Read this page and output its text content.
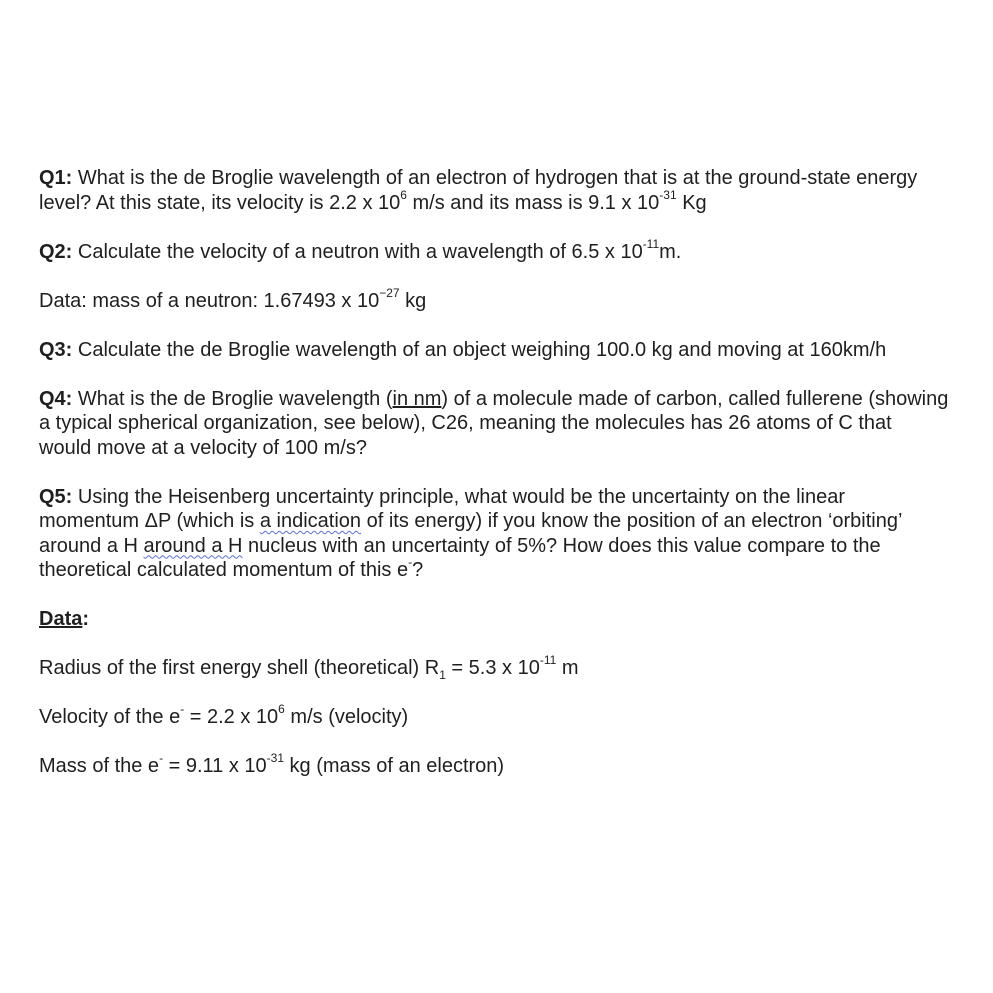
Q1: What is the de Broglie wavelength of an electron of hydrogen that is at the ground-state energy level? At this state, its velocity is 2.2 x $10^6$ m/s and its mass is 9.1 x $10^{-31}$ Kg

Q2: Calculate the velocity of a neutron with a wavelength of 6.5 x $10^{-11}m$.

Data: mass of a neutron: 1.67493 x $10^{-27}$ kg

Q3: Calculate the de Broglie wavelength of an object weighing 100.0 kg and moving at 160km/h

Q4: What is the de Broglie wavelength (in nm) of a molecule made of carbon, called fullerene (showing a typical spherical organization, see below), C26, meaning the molecules has 26 atoms of C that would move at a velocity of 100 m/s?

Q5: Using the Heisenberg uncertainty principle, what would be the uncertainty on the linear momentum ΔP (which is a indication of its energy) if you know the position of an electron ‘orbiting’ around a H around a H nucleus with an uncertainty of 5%? How does this value compare to the theoretical calculated momentum of this e-?

Data:

Radius of the first energy shell (theoretical) $R_1 = 5.3$ x $10^{-11}$ m

Velocity of the e- = 2.2 x $10^6$ m/s (velocity)

Mass of the e- = 9.11 x $10^{-31}$ kg (mass of an electron)
